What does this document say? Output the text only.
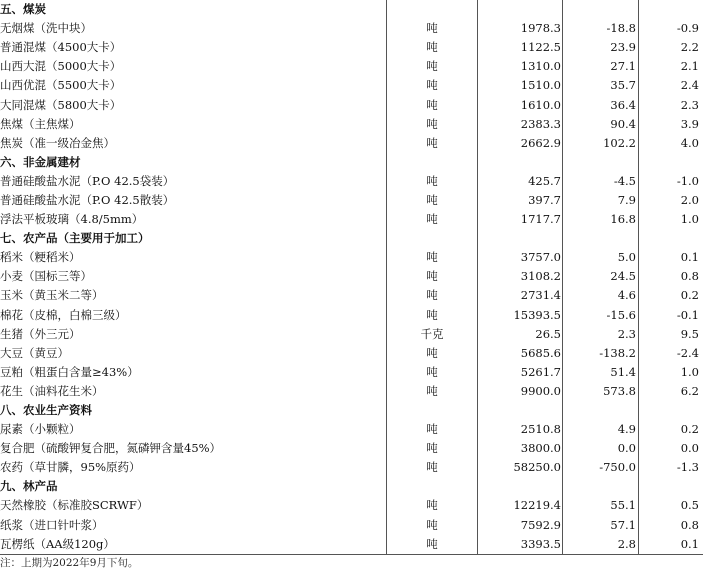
五、煤炭				
无烟煤（洗中块）	吨	1978.3	-18.8	-0.9
普通混煤（4500大卡）	吨	1122.5	23.9	2.2
山西大混（5000大卡）	吨	1310.0	27.1	2.1
山西优混（5500大卡）	吨	1510.0	35.7	2.4
大同混煤（5800大卡）	吨	1610.0	36.4	2.3
焦煤（主焦煤）	吨	2383.3	90.4	3.9
焦炭（准一级冶金焦）	吨	2662.9	102.2	4.0
六、非金属建材				
普通硅酸盐水泥（P.O 42.5袋装）	吨	425.7	-4.5	-1.0
普通硅酸盐水泥（P.O 42.5散装）	吨	397.7	7.9	2.0
浮法平板玻璃（4.8/5mm）	吨	1717.7	16.8	1.0
七、农产品（主要用于加工）				
稻米（粳稻米）	吨	3757.0	5.0	0.1
小麦（国标三等）	吨	3108.2	24.5	0.8
玉米（黄玉米二等）	吨	2731.4	4.6	0.2
棉花（皮棉，白棉三级）	吨	15393.5	-15.6	-0.1
生猪（外三元）	千克	26.5	2.3	9.5
大豆（黄豆）	吨	5685.6	-138.2	-2.4
豆粕（粗蛋白含量≥43%）	吨	5261.7	51.4	1.0
花生（油料花生米）	吨	9900.0	573.8	6.2
八、农业生产资料				
尿素（小颗粒）	吨	2510.8	4.9	0.2
复合肥（硫酸钾复合肥，氮磷钾含量45%）	吨	3800.0	0.0	0.0
农药（草甘膦，95%原药）	吨	58250.0	-750.0	-1.3
九、林产品				
天然橡胶（标准胶SCRWF）	吨	12219.4	55.1	0.5
纸浆（进口针叶浆）	吨	7592.9	57.1	0.8
瓦楞纸（AA级120g）	吨	3393.5	2.8	0.1
注：上期为2022年9月下旬。
